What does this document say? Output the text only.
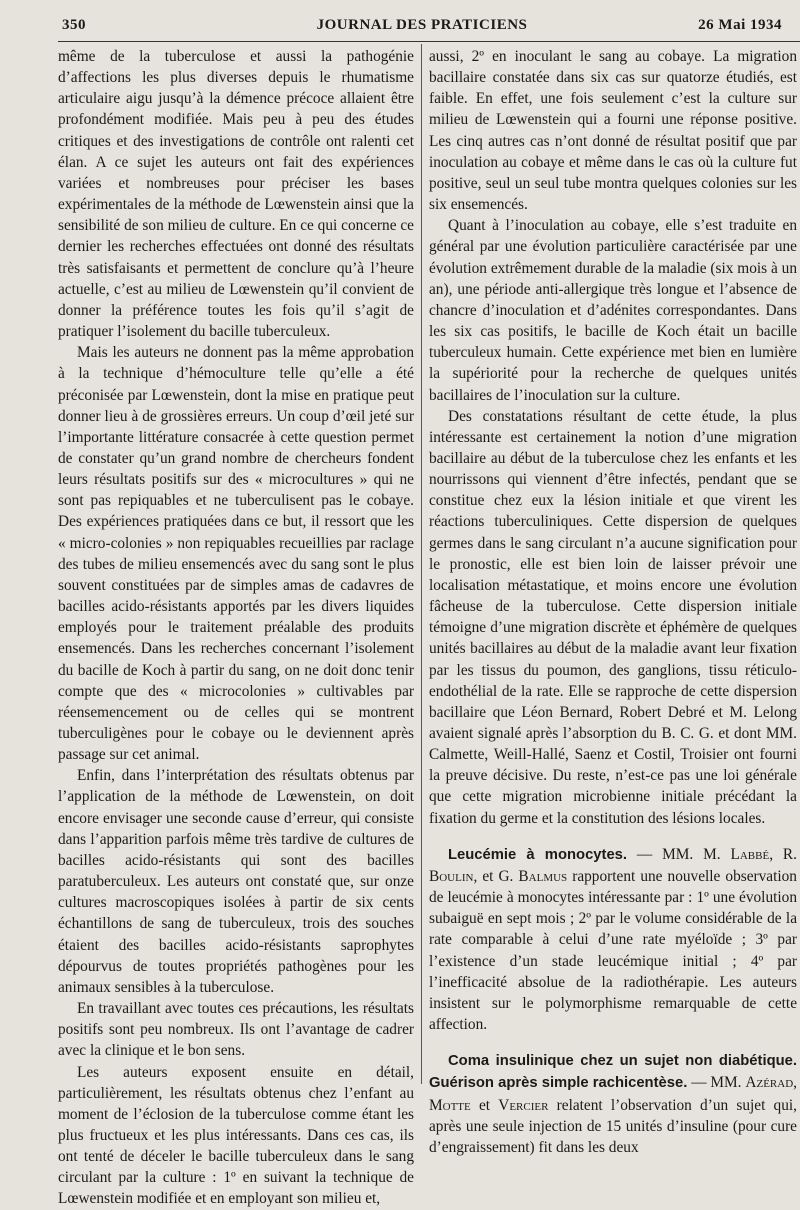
350	JOURNAL DES PRATICIENS	26 Mai 1934

même de la tuberculose et aussi la pathogénie d’affections les plus diverses depuis le rhumatisme articulaire aigu jusqu’à la démence précoce allaient être profondément modifiée. Mais peu à peu des études critiques et des investigations de contrôle ont ralenti cet élan. A ce sujet les auteurs ont fait des expériences variées et nombreuses pour préciser les bases expérimentales de la méthode de Lœwenstein ainsi que la sensibilité de son milieu de culture. En ce qui concerne ce dernier les recherches effectuées ont donné des résultats très satisfaisants et permettent de conclure qu’à l’heure actuelle, c’est au milieu de Lœwenstein qu’il convient de donner la préférence toutes les fois qu’il s’agit de pratiquer l’isolement du bacille tuberculeux.

Mais les auteurs ne donnent pas la même approbation à la technique d’hémoculture telle qu’elle a été préconisée par Lœwenstein, dont la mise en pratique peut donner lieu à de grossières erreurs. Un coup d’œil jeté sur l’importante littérature consacrée à cette question permet de constater qu’un grand nombre de chercheurs fondent leurs résultats positifs sur des « microcultures » qui ne sont pas repiquables et ne tuberculisent pas le cobaye. Des expériences pratiquées dans ce but, il ressort que les « micro-colonies » non repiquables recueillies par raclage des tubes de milieu ensemencés avec du sang sont le plus souvent constituées par de simples amas de cadavres de bacilles acido-résistants apportés par les divers liquides employés pour le traitement préalable des produits ensemencés. Dans les recherches concernant l’isolement du bacille de Koch à partir du sang, on ne doit donc tenir compte que des « microcolonies » cultivables par réensemencement ou de celles qui se montrent tuberculigènes pour le cobaye ou le deviennent après passage sur cet animal.

Enfin, dans l’interprétation des résultats obtenus par l’application de la méthode de Lœwenstein, on doit encore envisager une seconde cause d’erreur, qui consiste dans l’apparition parfois même très tardive de cultures de bacilles acido-résistants qui sont des bacilles paratuberculeux. Les auteurs ont constaté que, sur onze cultures macroscopiques isolées à partir de six cents échantillons de sang de tuberculeux, trois des souches étaient des bacilles acido-résistants saprophytes dépourvus de toutes propriétés pathogènes pour les animaux sensibles à la tuberculose.

En travaillant avec toutes ces précautions, les résultats positifs sont peu nombreux. Ils ont l’avantage de cadrer avec la clinique et le bon sens.

Les auteurs exposent ensuite en détail, particulièrement, les résultats obtenus chez l’enfant au moment de l’éclosion de la tuberculose comme étant les plus fructueux et les plus intéressants. Dans ces cas, ils ont tenté de déceler le bacille tuberculeux dans le sang circulant par la culture : 1º en suivant la technique de Lœwenstein modifiée et en employant son milieu et,

aussi, 2º en inoculant le sang au cobaye. La migration bacillaire constatée dans six cas sur quatorze étudiés, est faible. En effet, une fois seulement c’est la culture sur milieu de Lœwenstein qui a fourni une réponse positive. Les cinq autres cas n’ont donné de résultat positif que par inoculation au cobaye et même dans le cas où la culture fut positive, seul un seul tube montra quelques colonies sur les six ensemencés.

Quant à l’inoculation au cobaye, elle s’est traduite en général par une évolution particulière caractérisée par une évolution extrêmement durable de la maladie (six mois à un an), une période anti-allergique très longue et l’absence de chancre d’inoculation et d’adénites correspondantes. Dans les six cas positifs, le bacille de Koch était un bacille tuberculeux humain. Cette expérience met bien en lumière la supériorité pour la recherche de quelques unités bacillaires de l’inoculation sur la culture.

Des constatations résultant de cette étude, la plus intéressante est certainement la notion d’une migration bacillaire au début de la tuberculose chez les enfants et les nourrissons qui viennent d’être infectés, pendant que se constitue chez eux la lésion initiale et que virent les réactions tuberculiniques. Cette dispersion de quelques germes dans le sang circulant n’a aucune signification pour le pronostic, elle est bien loin de laisser prévoir une localisation métastatique, et moins encore une évolution fâcheuse de la tuberculose. Cette dispersion initiale témoigne d’une migration discrète et éphémère de quelques unités bacillaires au début de la maladie avant leur fixation par les tissus du poumon, des ganglions, tissu réticulo-endothélial de la rate. Elle se rapproche de cette dispersion bacillaire que Léon Bernard, Robert Debré et M. Lelong avaient signalé après l’absorption du B. C. G. et dont MM. Calmette, Weill-Hallé, Saenz et Costil, Troisier ont fourni la preuve décisive. Du reste, n’est-ce pas une loi générale que cette migration microbienne initiale précédant la fixation du germe et la constitution des lésions locales.

Leucémie à monocytes. — MM. M. Labbé, R. Boulin, et G. Balmus rapportent une nouvelle observation de leucémie à monocytes intéressante par : 1º une évolution subaiguë en sept mois ; 2º par le volume considérable de la rate comparable à celui d’une rate myéloïde ; 3º par l’existence d’un stade leucémique initial ; 4º par l’inefficacité absolue de la radiothérapie. Les auteurs insistent sur le polymorphisme remarquable de cette affection.

Coma insulinique chez un sujet non diabétique. Guérison après simple rachicentèse. — MM. Azérad, Motte et Vercier relatent l’observation d’un sujet qui, après une seule injection de 15 unités d’insuline (pour cure d’engraissement) fit dans les deux
